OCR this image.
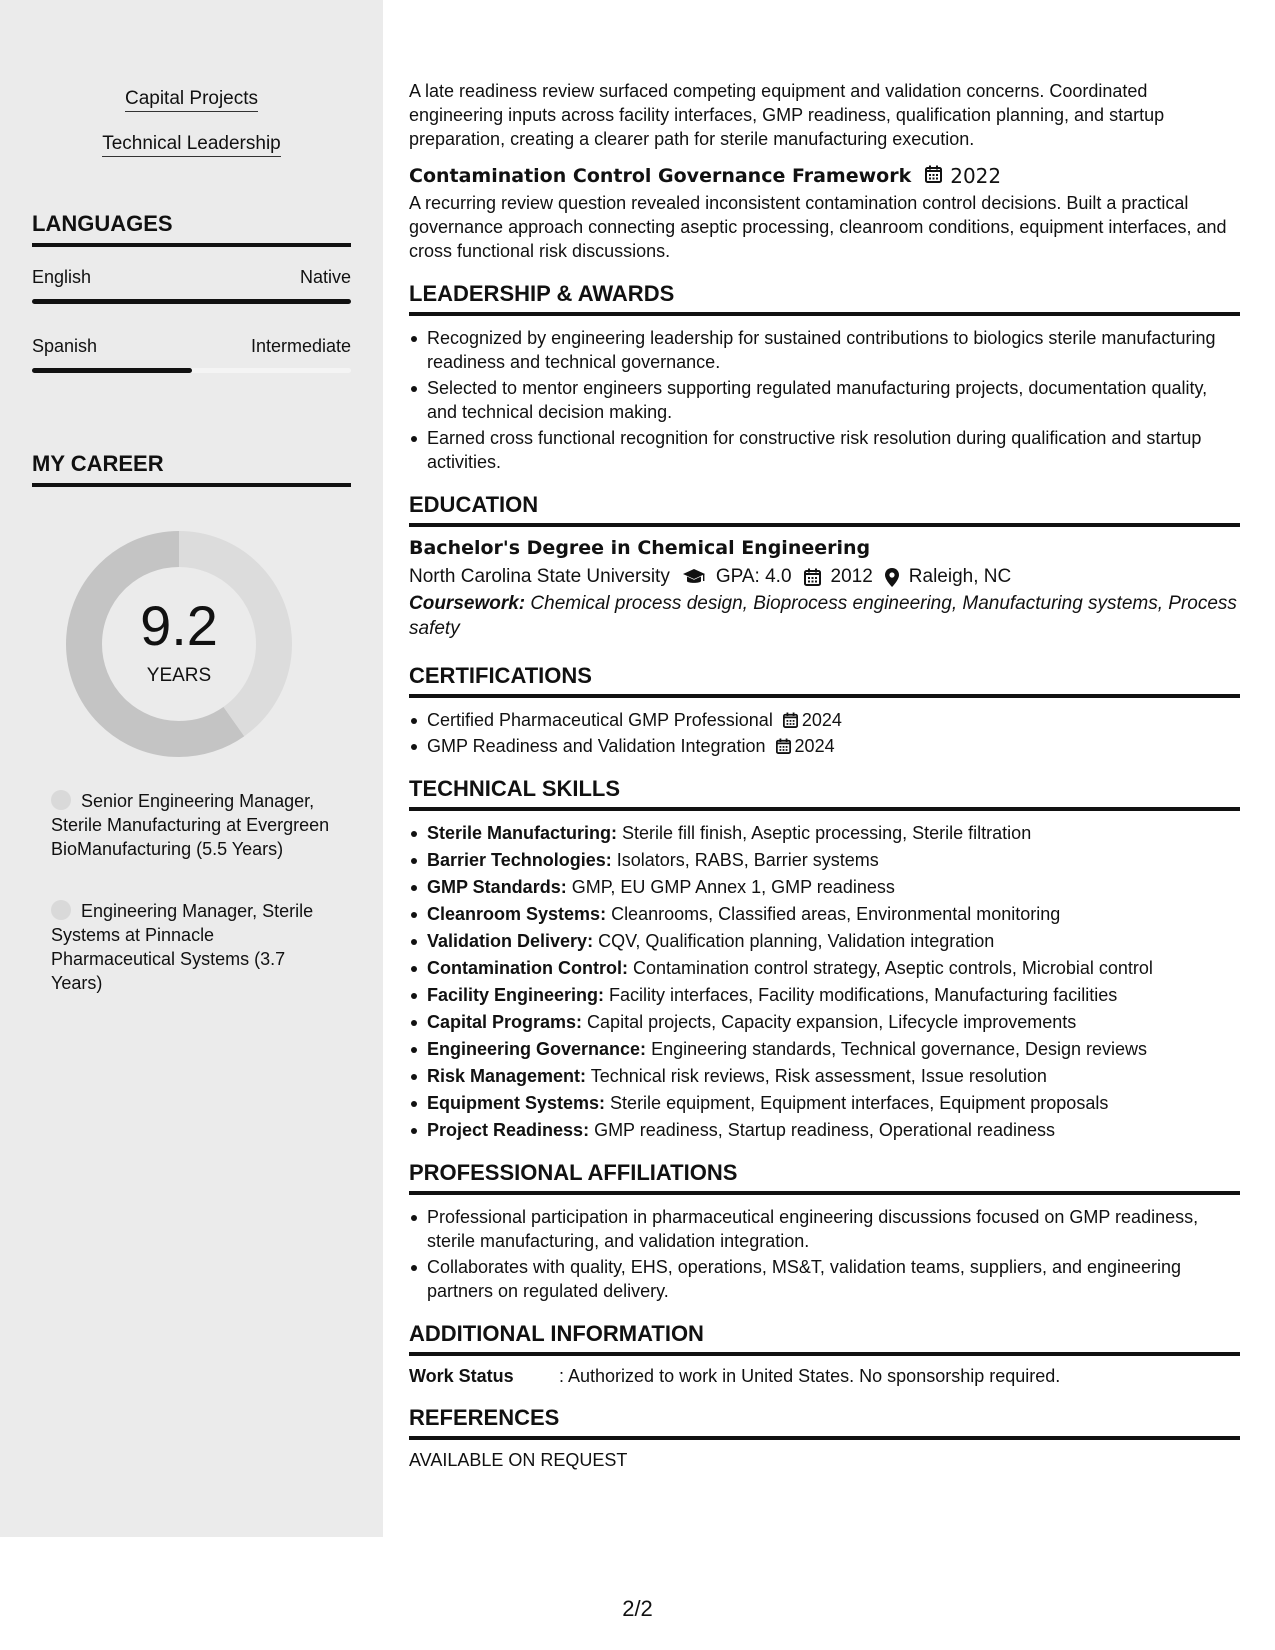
Capital Projects
Technical Leadership
LANGUAGES
English	Native
Spanish	Intermediate
MY CAREER
9.2
YEARS
Senior Engineering Manager, Sterile Manufacturing at Evergreen BioManufacturing (5.5 Years)
Engineering Manager, Sterile Systems at Pinnacle Pharmaceutical Systems (3.7 Years)

A late readiness review surfaced competing equipment and validation concerns. Coordinated engineering inputs across facility interfaces, GMP readiness, qualification planning, and startup preparation, creating a clearer path for sterile manufacturing execution.

Contamination Control Governance Framework 2022

A recurring review question revealed inconsistent contamination control decisions. Built a practical governance approach connecting aseptic processing, cleanroom conditions, equipment interfaces, and cross functional risk discussions.

LEADERSHIP & AWARDS
Recognized by engineering leadership for sustained contributions to biologics sterile manufacturing readiness and technical governance.
Selected to mentor engineers supporting regulated manufacturing projects, documentation quality, and technical decision making.
Earned cross functional recognition for constructive risk resolution during qualification and startup activities.
EDUCATION
Bachelor's Degree in Chemical Engineering
North Carolina State University GPA: 4.0 2012 Raleigh, NC
Coursework: Chemical process design, Bioprocess engineering, Manufacturing systems, Process safety
CERTIFICATIONS
Certified Pharmaceutical GMP Professional 2024
GMP Readiness and Validation Integration 2024
TECHNICAL SKILLS
Sterile Manufacturing: Sterile fill finish, Aseptic processing, Sterile filtration
Barrier Technologies: Isolators, RABS, Barrier systems
GMP Standards: GMP, EU GMP Annex 1, GMP readiness
Cleanroom Systems: Cleanrooms, Classified areas, Environmental monitoring
Validation Delivery: CQV, Qualification planning, Validation integration
Contamination Control: Contamination control strategy, Aseptic controls, Microbial control
Facility Engineering: Facility interfaces, Facility modifications, Manufacturing facilities
Capital Programs: Capital projects, Capacity expansion, Lifecycle improvements
Engineering Governance: Engineering standards, Technical governance, Design reviews
Risk Management: Technical risk reviews, Risk assessment, Issue resolution
Equipment Systems: Sterile equipment, Equipment interfaces, Equipment proposals
Project Readiness: GMP readiness, Startup readiness, Operational readiness
PROFESSIONAL AFFILIATIONS
Professional participation in pharmaceutical engineering discussions focused on GMP readiness, sterile manufacturing, and validation integration.
Collaborates with quality, EHS, operations, MS&T, validation teams, suppliers, and engineering partners on regulated delivery.
ADDITIONAL INFORMATION
Work Status	: Authorized to work in United States. No sponsorship required.
REFERENCES
AVAILABLE ON REQUEST
2/2
